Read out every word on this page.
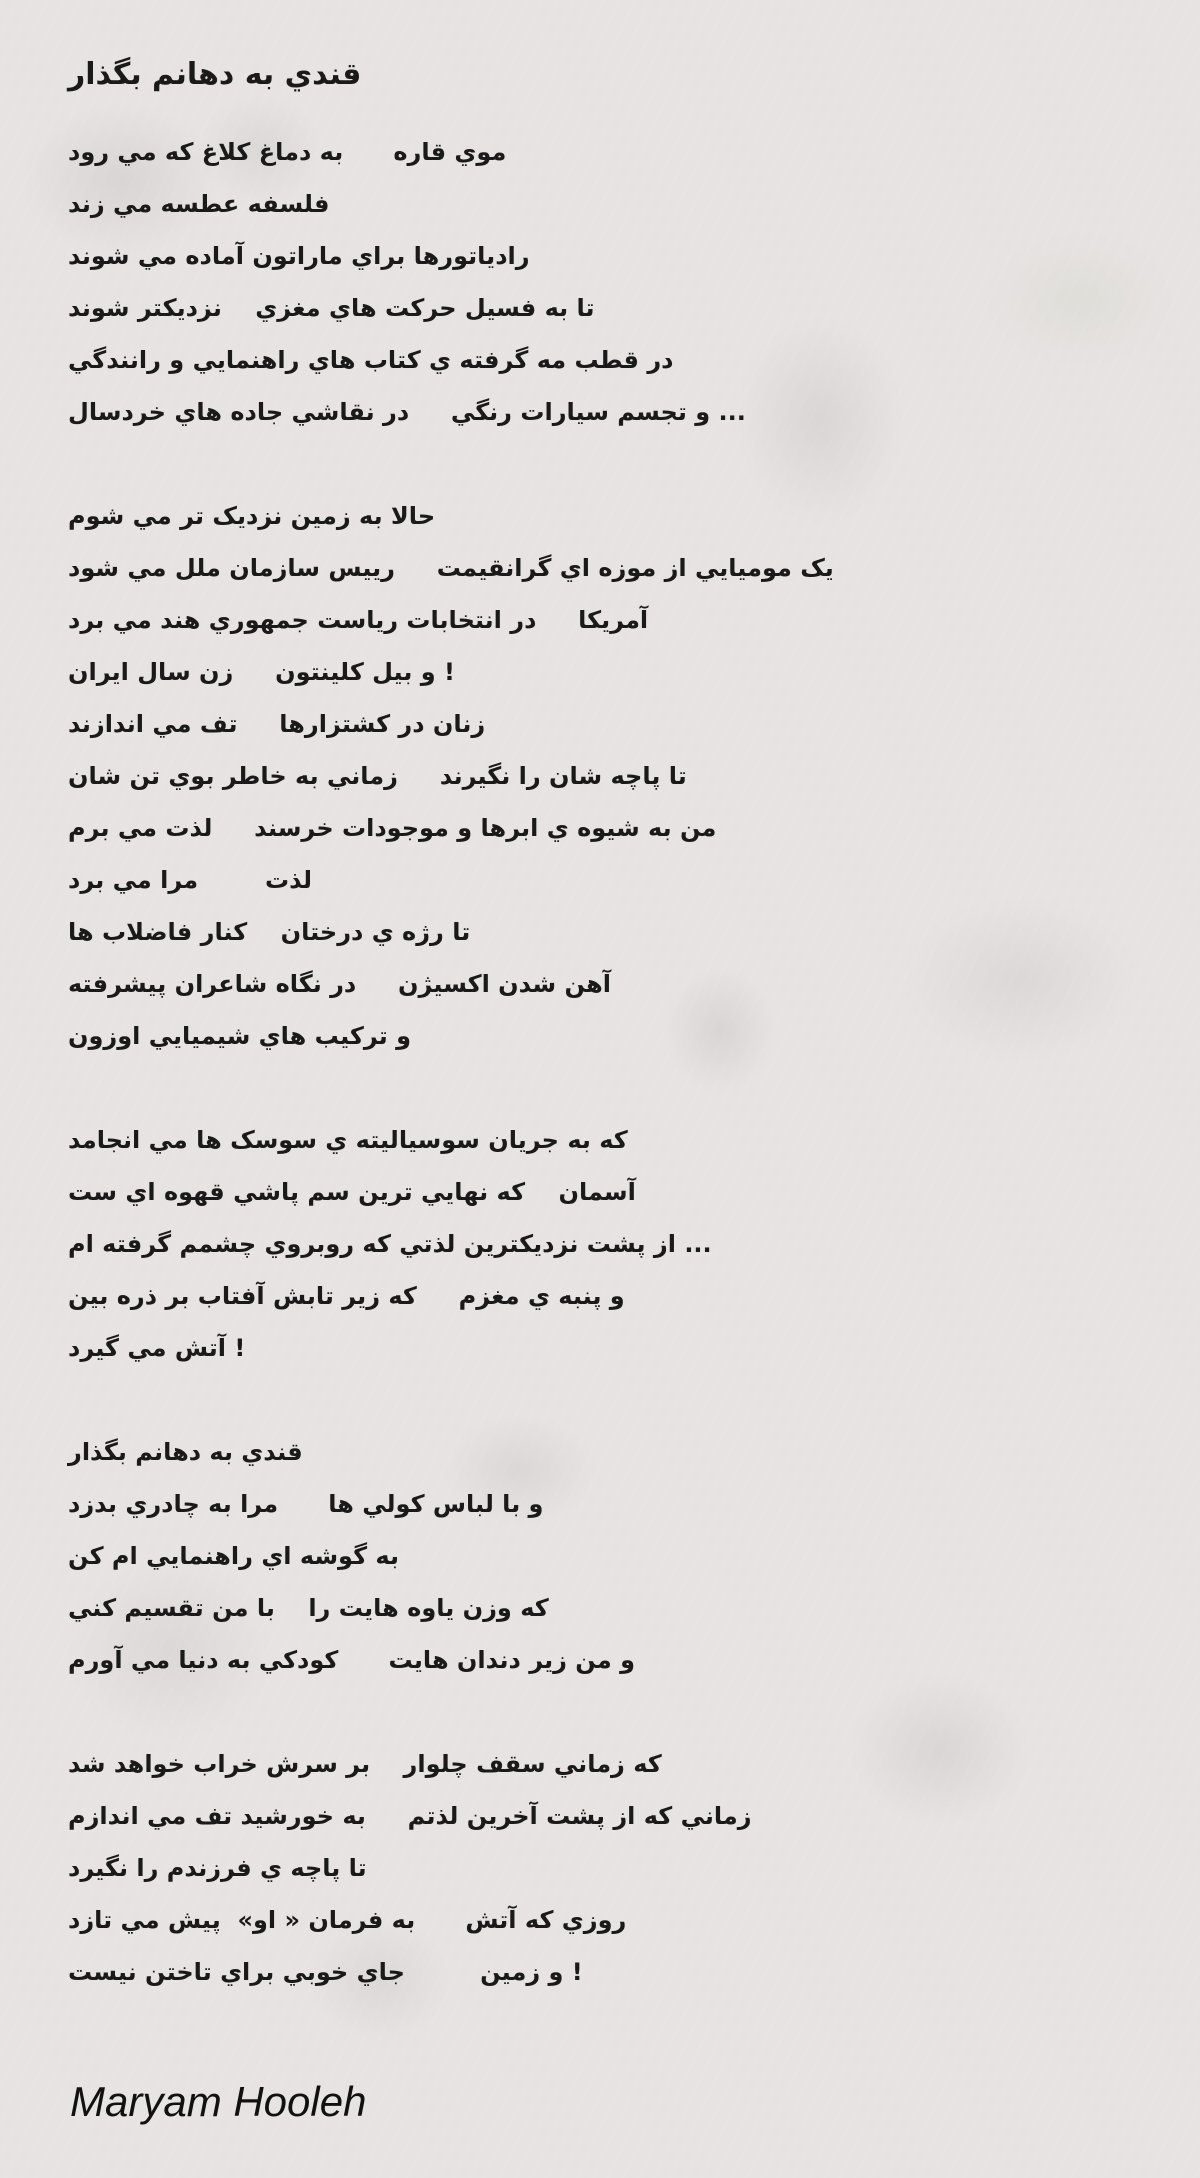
قندي به دهانم بگذار
موي قاره      به دماغ کلاغ که مي رود
فلسفه عطسه مي زند
رادياتورها براي ماراتون آماده مي شوند
تا به فسيل حرکت هاي مغزي    نزديکتر شوند
در قطب مه گرفته ي کتاب هاي راهنمايي و رانندگي
... و تجسم سيارات رنگي     در نقاشي جاده هاي خردسال
حالا به زمين نزديک تر مي شوم
يک موميايي از موزه اي گرانقيمت     رييس سازمان ملل مي شود
آمريکا     در انتخابات رياست جمهوري هند مي برد
! و بيل کلينتون     زن سال ايران
زنان در کشتزارها     تف مي اندازند
تا پاچه شان را نگيرند     زماني به خاطر بوي تن شان
من به شيوه ي ابرها و موجودات خرسند     لذت مي برم
لذت        مرا مي برد
تا رژه ي درختان    کنار فاضلاب ها
آهن شدن اکسيژن     در نگاه شاعران پيشرفته
و ترکيب هاي شيميايي اوزون
که به جريان سوسياليته ي سوسک ها مي انجامد
آسمان    که نهايي ترين سم پاشي قهوه اي ست
... از پشت نزديکترين لذتي که روبروي چشمم گرفته ام
و پنبه ي مغزم     که زير تابش آفتاب بر ذره بين
! آتش مي گيرد
قندي به دهانم بگذار
و با لباس کولي ها      مرا به چادري بدزد
به گوشه اي راهنمايي ام کن
که وزن ياوه هايت را    با من تقسيم کني
و من زير دندان هايت      کودکي به دنيا مي آورم
که زماني سقف چلوار    بر سرش خراب خواهد شد
زماني که از پشت آخرين لذتم     به خورشيد تف مي اندازم
تا پاچه ي فرزندم را نگيرد
روزي که آتش      به فرمان « او»  پيش مي تازد
! و زمين         جاي خوبي براي تاختن نيست
Maryam Hooleh
